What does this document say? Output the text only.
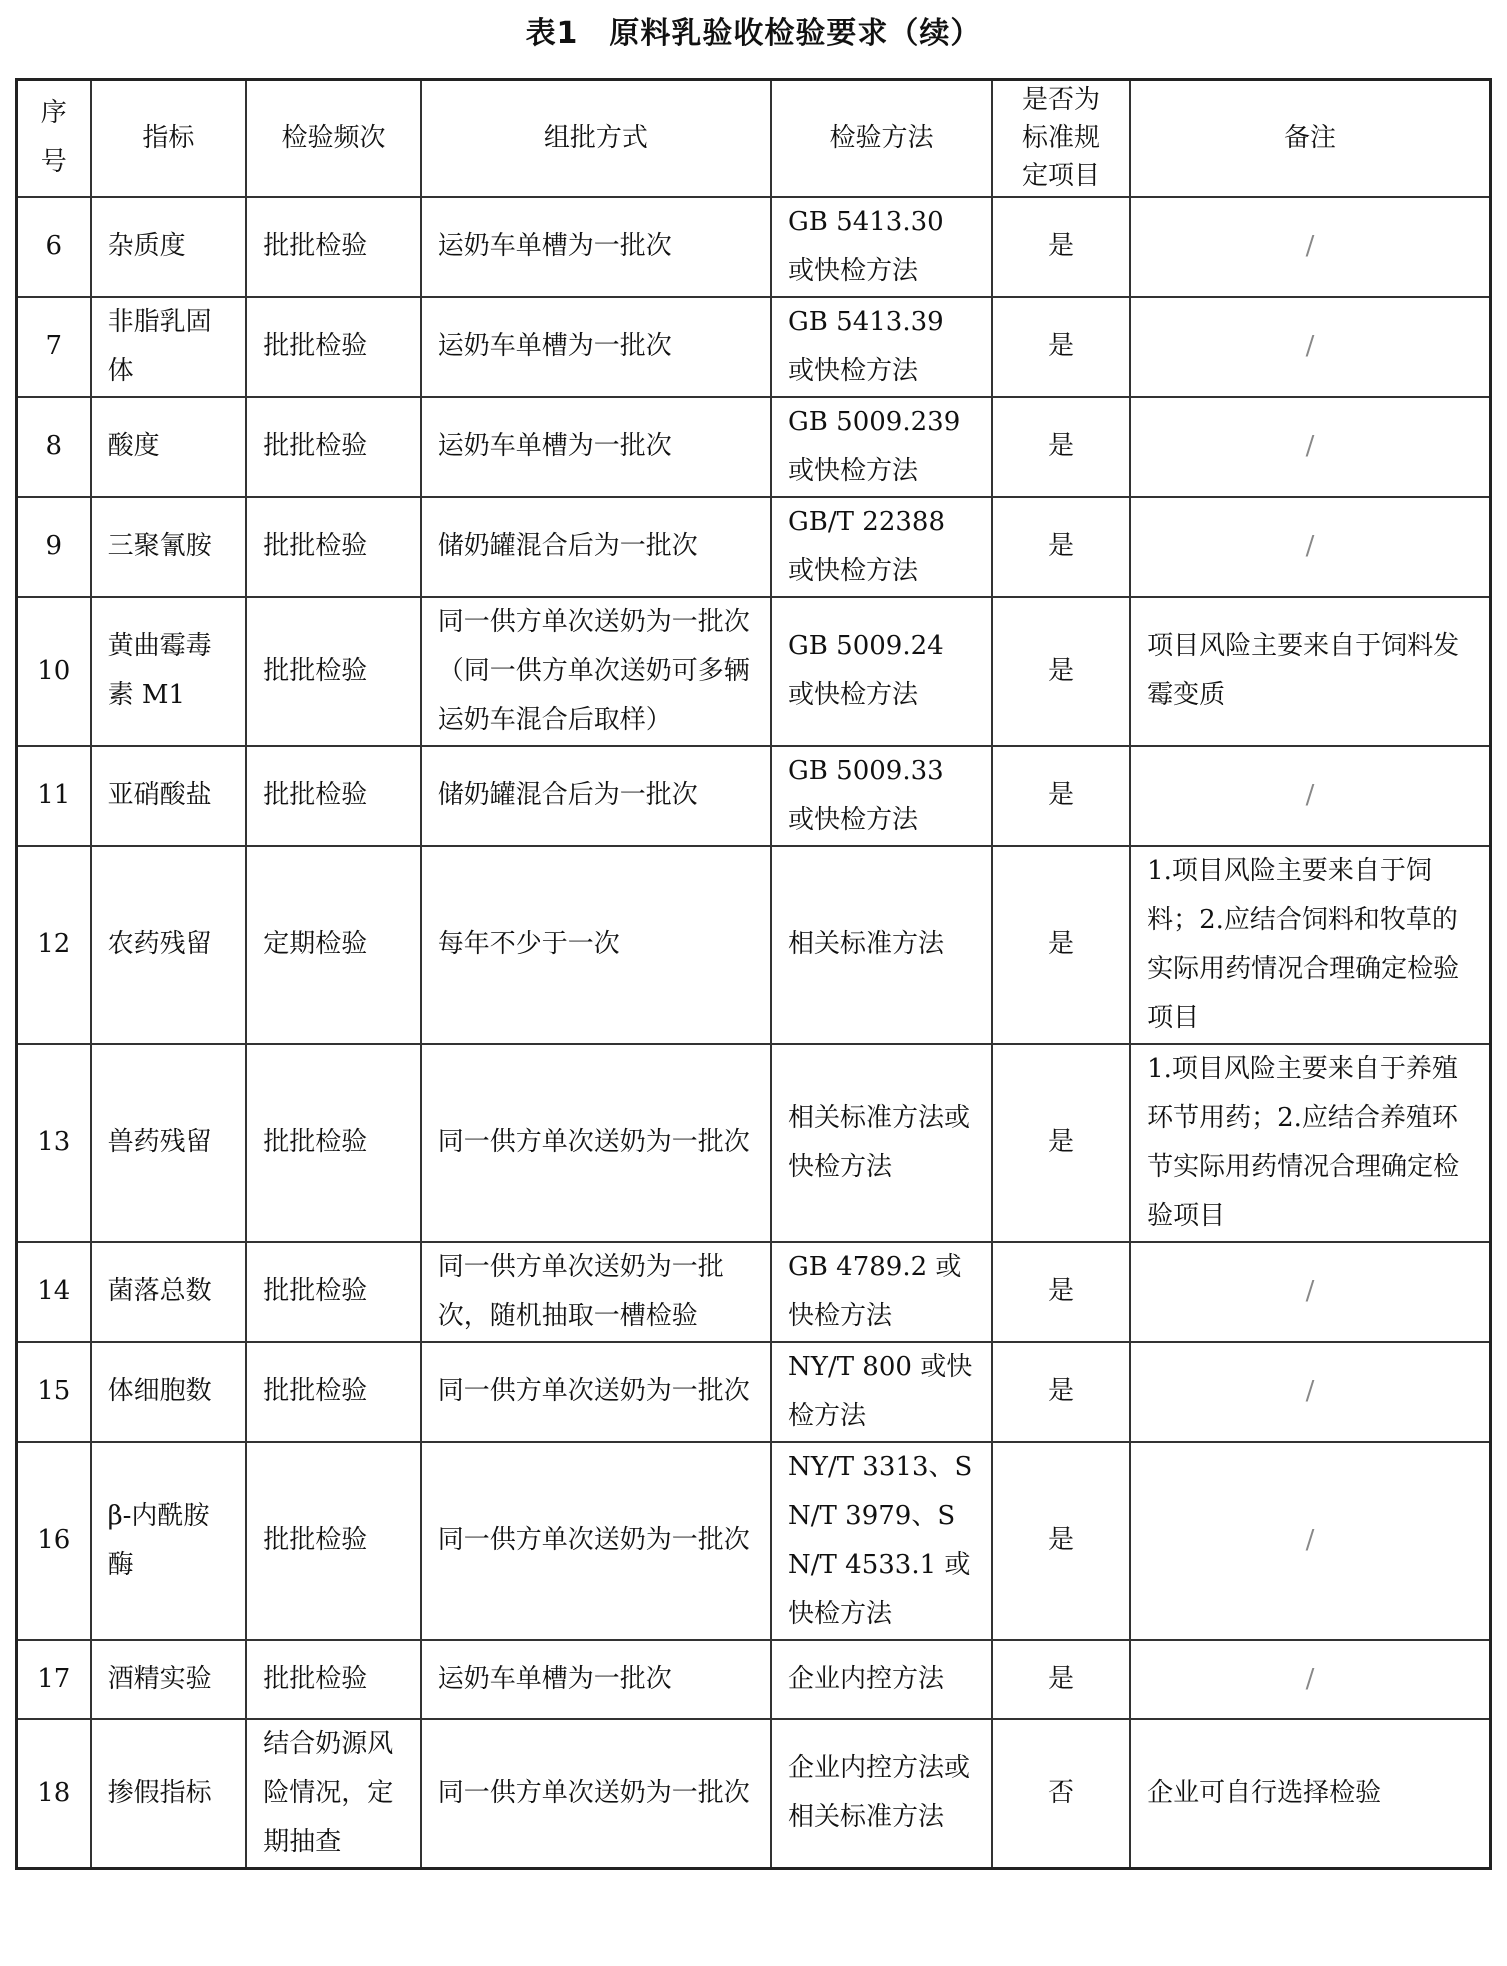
表1　原料乳验收检验要求（续）
序号	指标	检验频次	组批方式	检验方法	是否为标准规定项目	备注
6	杂质度	批批检验	运奶车单槽为一批次	GB 5413.30 或快检方法	是	/
7	非脂乳固体	批批检验	运奶车单槽为一批次	GB 5413.39 或快检方法	是	/
8	酸度	批批检验	运奶车单槽为一批次	GB 5009.239 或快检方法	是	/
9	三聚氰胺	批批检验	储奶罐混合后为一批次	GB/T 22388 或快检方法	是	/
10	黄曲霉毒素 M1	批批检验	同一供方单次送奶为一批次（同一供方单次送奶可多辆运奶车混合后取样）	GB 5009.24 或快检方法	是	项目风险主要来自于饲料发霉变质
11	亚硝酸盐	批批检验	储奶罐混合后为一批次	GB 5009.33 或快检方法	是	/
12	农药残留	定期检验	每年不少于一次	相关标准方法	是	1.项目风险主要来自于饲料；2.应结合饲料和牧草的实际用药情况合理确定检验项目
13	兽药残留	批批检验	同一供方单次送奶为一批次	相关标准方法或快检方法	是	1.项目风险主要来自于养殖环节用药；2.应结合养殖环节实际用药情况合理确定检验项目
14	菌落总数	批批检验	同一供方单次送奶为一批次，随机抽取一槽检验	GB 4789.2 或快检方法	是	/
15	体细胞数	批批检验	同一供方单次送奶为一批次	NY/T 800 或快检方法	是	/
16	β-内酰胺酶	批批检验	同一供方单次送奶为一批次	NY/T 3313、SN/T 3979、SN/T 4533.1 或快检方法	是	/
17	酒精实验	批批检验	运奶车单槽为一批次	企业内控方法	是	/
18	掺假指标	结合奶源风险情况，定期抽查	同一供方单次送奶为一批次	企业内控方法或相关标准方法	否	企业可自行选择检验
